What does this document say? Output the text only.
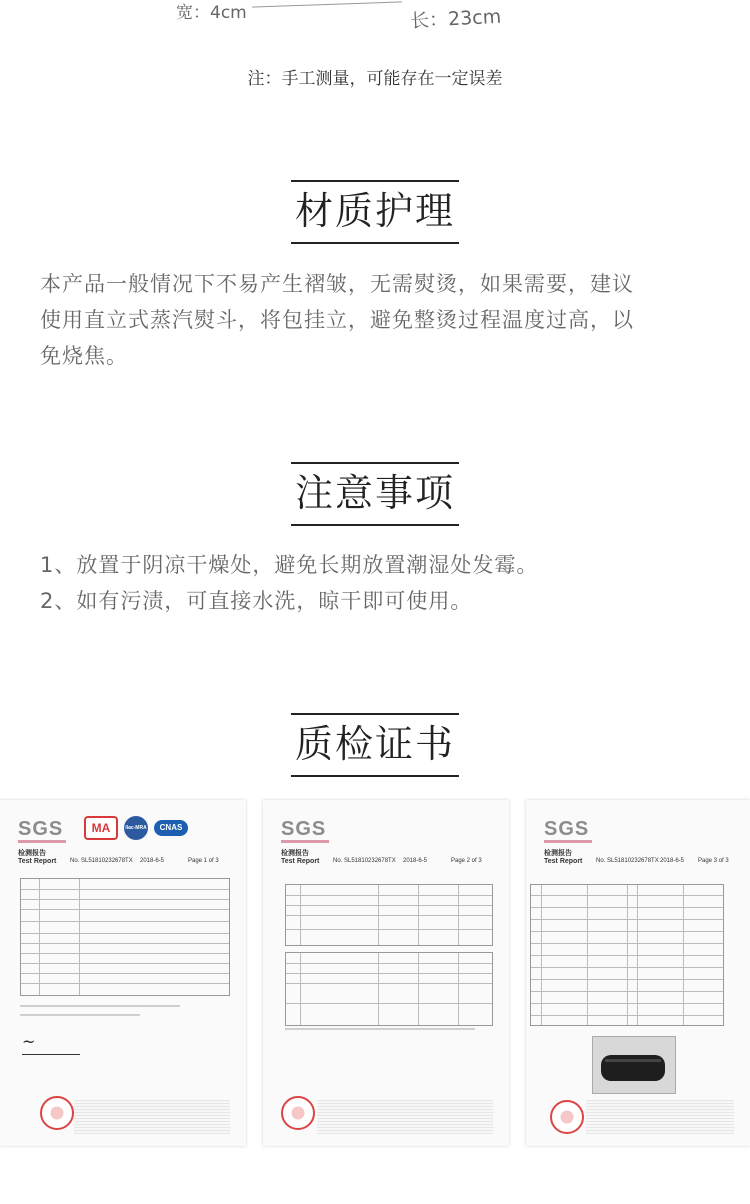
宽：4cm	长：23cm
注：手工测量，可能存在一定误差
材质护理

本产品一般情况下不易产生褶皱，无需熨烫，如果需要，建议

使用直立式蒸汽熨斗，将包挂立，避免整烫过程温度过高，以

免烧焦。

注意事项

1、放置于阴凉干燥处，避免长期放置潮湿处发霉。

2、如有污渍，可直接水洗，晾干即可使用。

质检证书
SGS	MA	ilac-MRA	CNAS
检测报告
Test Report No. SL51810232678TX 2018-6-5	Page 1 of 3
~
SGS
检测报告
Test Report No. SL51810232678TX 2018-6-5	Page 2 of 3
SGS
检测报告
Test Report No. SL51810232678TX 2018-6-5 Page 3 of 3
